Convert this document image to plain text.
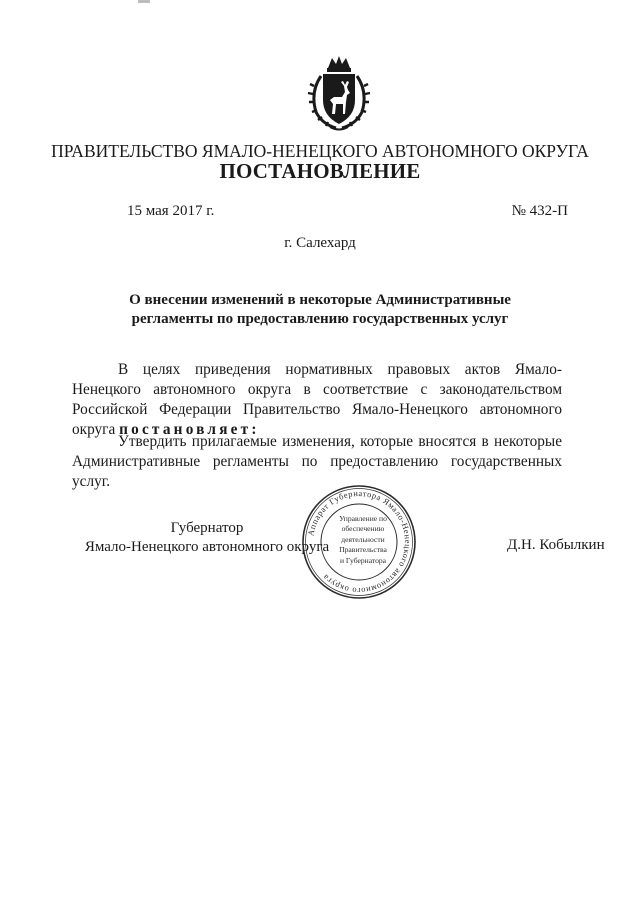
ПРАВИТЕЛЬСТВО ЯМАЛО-НЕНЕЦКОГО АВТОНОМНОГО ОКРУГА
ПОСТАНОВЛЕНИЕ
15 мая 2017 г.	№ 432-П
г. Салехард
О внесении изменений в некоторые Административные
регламенты по предоставлению государственных услуг
В целях приведения нормативных правовых актов Ямало-Ненецкого автономного округа в соответствие с законодательством Российской Федерации Правительство Ямало-Ненецкого автономного округа постановляет:
Утвердить прилагаемые изменения, которые вносятся в некоторые Административные регламенты по предоставлению государственных услуг.
Губернатор
Ямало-Ненецкого автономного округа
Аппарат Губернатора Ямало-Ненецкого автономного округа
Управление по
обеспечению
деятельности
Правительства
и Губернатора
Д.Н. Кобылкин
